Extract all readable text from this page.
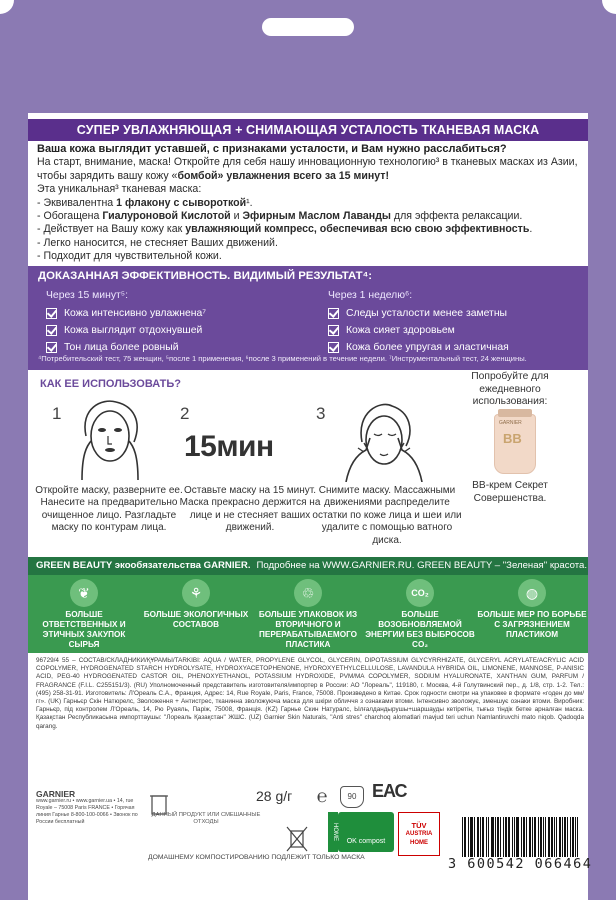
СУПЕР УВЛАЖНЯЮЩАЯ + СНИМАЮЩАЯ УСТАЛОСТЬ ТКАНЕВАЯ МАСКА
Ваша кожа выглядит уставшей, с признаками усталости, и Вам нужно расслабиться?
На старт, внимание, маска! Откройте для себя нашу инновационную технологию³ в тканевых масках из Азии,
чтобы зарядить вашу кожу «бомбой» увлажнения всего за 15 минут!
Эта уникальная³ тканевая маска:
- Эквивалентна 1 флакону с сывороткой¹.
- Обогащена Гиалуроновой Кислотой и Эфирным Маслом Лаванды для эффекта релаксации.
- Действует на Вашу кожу как увлажняющий компресс, обеспечивая всю свою эффективность.
- Легко наносится, не стесняет Ваших движений.
- Подходит для чувствительной кожи.
ДОКАЗАННАЯ ЭФФЕКТИВНОСТЬ. ВИДИМЫЙ РЕЗУЛЬТАТ⁴:
Через 15 минут⁵:
Кожа интенсивно увлажнена⁷
Кожа выглядит отдохнувшей
Тон лица более ровный
Через 1 неделю⁶:
Следы усталости менее заметны
Кожа сияет здоровьем
Кожа более упругая и эластичная
⁴Потребительский тест, 75 женщин, ⁵после 1 применения, ⁶после 3 применений в течение недели. ⁷Инструментальный тест, 24 женщины.
КАК ЕЕ ИСПОЛЬЗОВАТЬ?
1
Откройте маску, разверните ее. Нанесите на предварительно очищенное лицо. Разгладьте маску по контурам лица.
2
15мин
Оставьте маску на 15 минут. Маска прекрасно держится на лице и не стесняет ваших движений.
3
Снимите маску. Массажными движениями распределите остатки по коже лица и шеи или удалите с помощью ватного диска.
Попробуйте для ежедневного использования:
GARNIER
BB
BB-крем Секрет Совершенства.
GREEN BEAUTY экообязательства GARNIER. Подробнее на WWW.GARNIER.RU. GREEN BEAUTY – "Зеленая" красота.
❦
БОЛЬШЕ ОТВЕТСТВЕННЫХ И ЭТИЧНЫХ ЗАКУПОК СЫРЬЯ
⚘
БОЛЬШЕ ЭКОЛОГИЧНЫХ СОСТАВОВ
♲
БОЛЬШЕ УПАКОВОК ИЗ ВТОРИЧНОГО И ПЕРЕРАБАТЫВАЕМОГО ПЛАСТИКА
CO₂
БОЛЬШЕ ВОЗОБНОВЛЯЕМОЙ ЭНЕРГИИ БЕЗ ВЫБРОСОВ CO₂
◍
БОЛЬШЕ МЕР ПО БОРЬБЕ С ЗАГРЯЗНЕНИЕМ ПЛАСТИКОМ
96729/4 55 – СОСТАВ/СКЛАДНИКИ/ҚҰРАМЫ/TARKIBI: AQUA / WATER, PROPYLENE GLYCOL, GLYCERIN, DIPOTASSIUM GLYCYRRHIZATE, GLYCERYL ACRYLATE/ACRYLIC ACID COPOLYMER, HYDROGENATED STARCH HYDROLYSATE, HYDROXYACETOPHENONE, HYDROXYETHYLCELLULOSE, LAVANDULA HYBRIDA OIL, LIMONENE, MANNOSE, P-ANISIC ACID, PEG-40 HYDROGENATED CASTOR OIL, PHENOXYETHANOL, POTASSIUM HYDROXIDE, PVM/MA COPOLYMER, SODIUM HYALURONATE, XANTHAN GUM, PARFUM / FRAGRANCE (F.I.L. C255151/3). (RU) Уполномоченный представитель изготовителя/импортер в России: АО "Лореаль", 119180, г. Москва, 4-й Голутвинский пер., д. 1/8, стр. 1-2. Тел.: (495) 258-31-91. Изготовитель: Л'Ореаль С.А., Франция, Адрес: 14, Rue Royale, Paris, France, 75008. Произведено в Китае. Срок годности смотри на упаковке в формате «годен до мм/гг». (UK) Гарньєр Скін Натюрелс, Зволоження + Антистрес, тканинна зволожуюча маска для шкіри обличчя з ознаками втоми. Інтенсивно зволожує, зменшує ознаки втоми. Виробник: Гарньєр, під контролем Л'Ореаль, 14, Рю Руаяль, Паріж, 75008, Франція. (KZ) Гарнье Скин Натуралс, Ылғалдандырушы+шаршауды кетіретін, тығыз тіндік бетке арналған маска. Қазақстан Республикасына импорттаушы: "Лореаль Қазақстан" ЖШС. (UZ) Garnier Skin Naturals, "Anti stres" charchoq alomatlari mavjud teri uchun Namlantiruvchi mato niqob. Qadoqda qarang.
GARNIER
www.garnier.ru • www.garnier.ua • 14, rue Royale – 75008 Paris FRANCE • Горячая линия Гарнье 8-800-100-0066 • Звонок по России бесплатный
ДАННЫЙ ПРОДУКТ ИЛИ СМЕШАННЫЕ ОТХОДЫ
28 g/г ℮	90 ЕАС
OK compost
HOME	TÜV
AUSTRIA
HOME
3 600542 066464
ДОМАШНЕМУ КОМПОСТИРОВАНИЮ ПОДЛЕЖИТ ТОЛЬКО МАСКА
